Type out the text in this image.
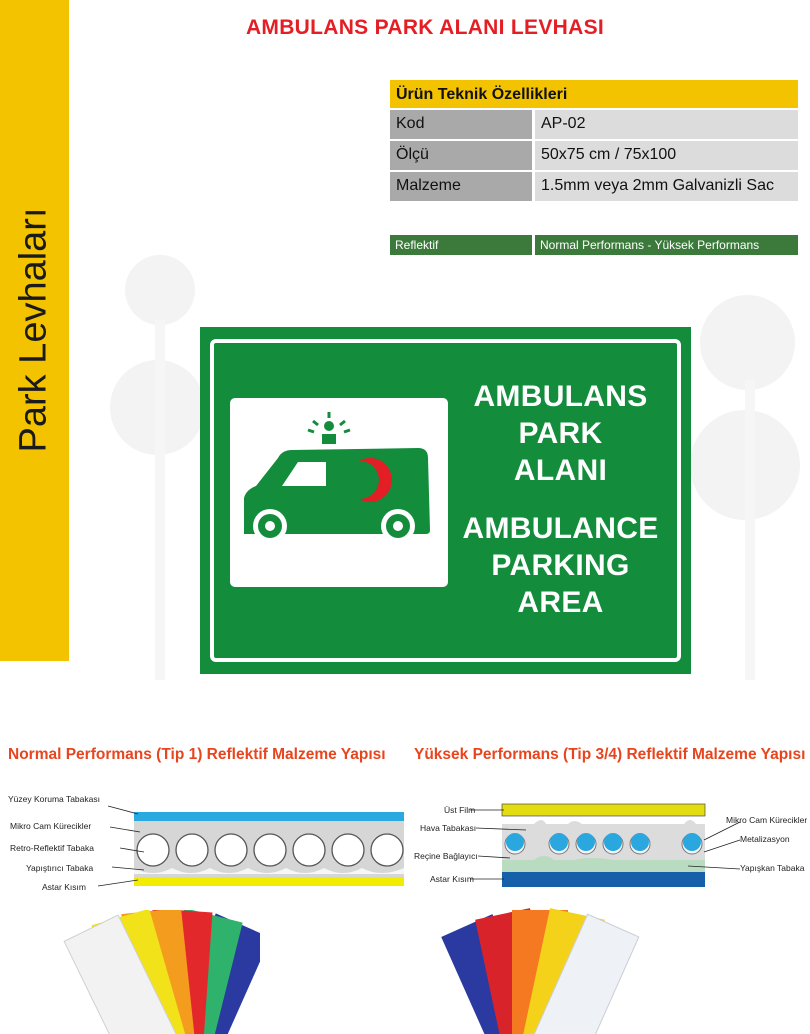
Park Levhaları
AMBULANS PARK ALANI LEVHASI
Ürün Teknik Özellikleri
Kod	AP-02
Ölçü	50x75 cm / 75x100
Malzeme	1.5mm veya 2mm Galvanizli Sac
Reflektif	Normal Performans - Yüksek Performans
AMBULANS
PARK
ALANI
AMBULANCE
PARKING
AREA
Normal Performans (Tip 1) Reflektif Malzeme Yapısı Yüksek Performans (Tip 3/4) Reflektif Malzeme Yapısı
Yüzey Koruma Tabakası
Mikro Cam Kürecikler
Retro-Reflektif Tabaka
Yapıştırıcı Tabaka
Astar Kısım
Üst Film
Hava Tabakası
Reçine Bağlayıcı
Astar Kısım
Mikro Cam Kürecikler
Metalizasyon
Yapışkan Tabaka
